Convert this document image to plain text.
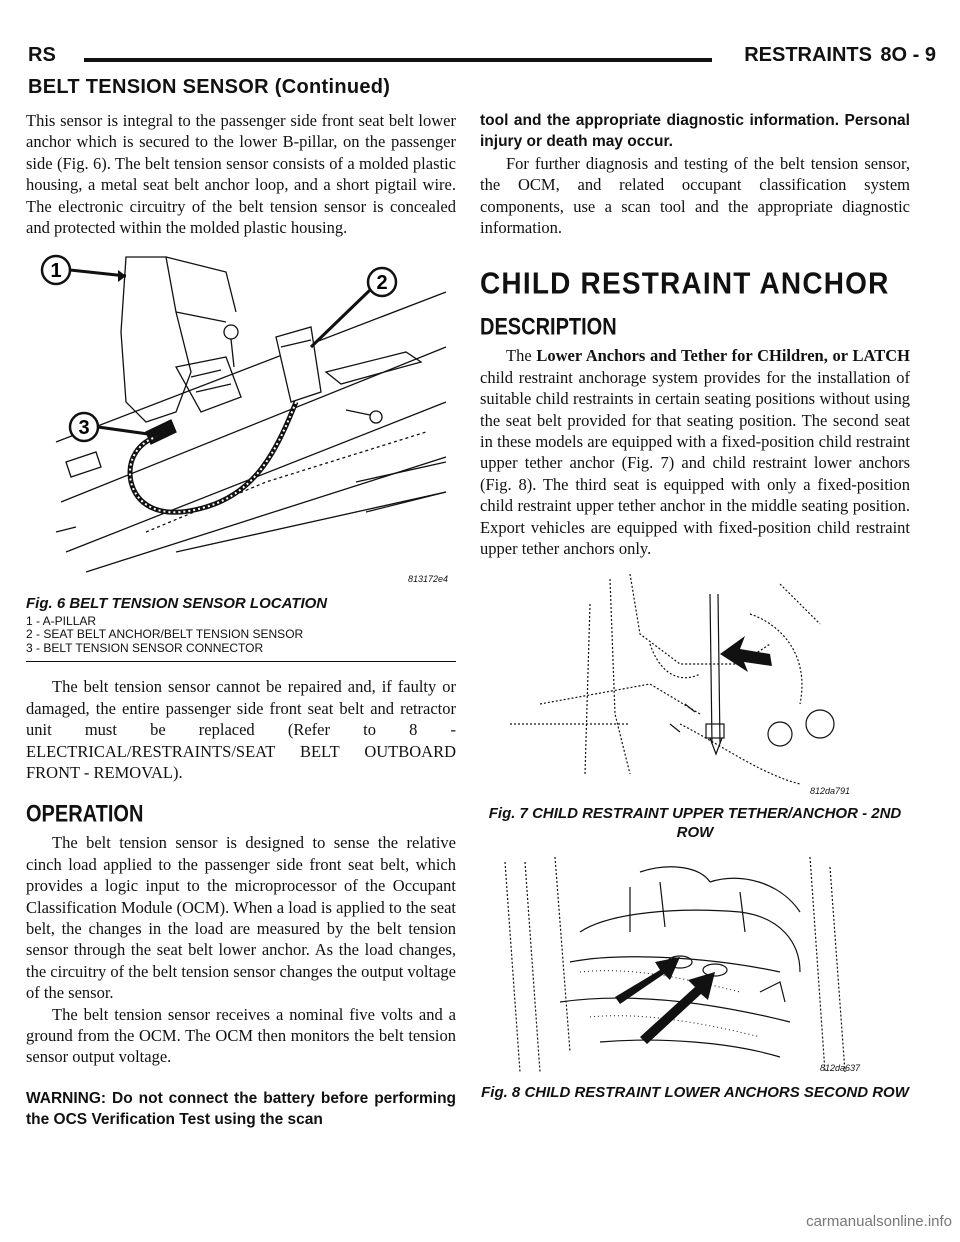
RS	RESTRAINTS 8O - 9
BELT TENSION SENSOR (Continued)

This sensor is integral to the passenger side front seat belt lower anchor which is secured to the lower B-pillar, on the passenger side (Fig. 6). The belt tension sensor consists of a molded plastic housing, a metal seat belt anchor loop, and a short pigtail wire. The electronic circuitry of the belt tension sensor is concealed and protected within the molded plastic housing.

1
2
3
813172e4
Fig. 6 BELT TENSION SENSOR LOCATION
1 - A-PILLAR
2 - SEAT BELT ANCHOR/BELT TENSION SENSOR
3 - BELT TENSION SENSOR CONNECTOR

The belt tension sensor cannot be repaired and, if faulty or damaged, the entire passenger side front seat belt and retractor unit must be replaced (Refer to 8 - ELECTRICAL/RESTRAINTS/SEAT BELT OUTBOARD FRONT - REMOVAL).

OPERATION

The belt tension sensor is designed to sense the relative cinch load applied to the passenger side front seat belt, which provides a logic input to the microprocessor of the Occupant Classification Module (OCM). When a load is applied to the seat belt, the changes in the load are measured by the belt tension sensor through the seat belt lower anchor. As the load changes, the circuitry of the belt tension sensor changes the output voltage of the sensor.

The belt tension sensor receives a nominal five volts and a ground from the OCM. The OCM then monitors the belt tension sensor output voltage.

WARNING: Do not connect the battery before performing the OCS Verification Test using the scan

tool and the appropriate diagnostic information. Personal injury or death may occur.

For further diagnosis and testing of the belt tension sensor, the OCM, and related occupant classification system components, use a scan tool and the appropriate diagnostic information.

CHILD RESTRAINT ANCHOR
DESCRIPTION

The Lower Anchors and Tether for CHildren, or LATCH child restraint anchorage system provides for the installation of suitable child restraints in certain seating positions without using the seat belt provided for that seating position. The second seat in these models are equipped with a fixed-position child restraint upper tether anchor (Fig. 7) and child restraint lower anchors (Fig. 8). The third seat is equipped with only a fixed-position child restraint upper tether anchor in the middle seating position. Export vehicles are equipped with fixed-position child restraint upper tether anchors only.

812da791
Fig. 7 CHILD RESTRAINT UPPER TETHER/ANCHOR - 2ND ROW
812da637
Fig. 8 CHILD RESTRAINT LOWER ANCHORS SECOND ROW
carmanualsonline.info
